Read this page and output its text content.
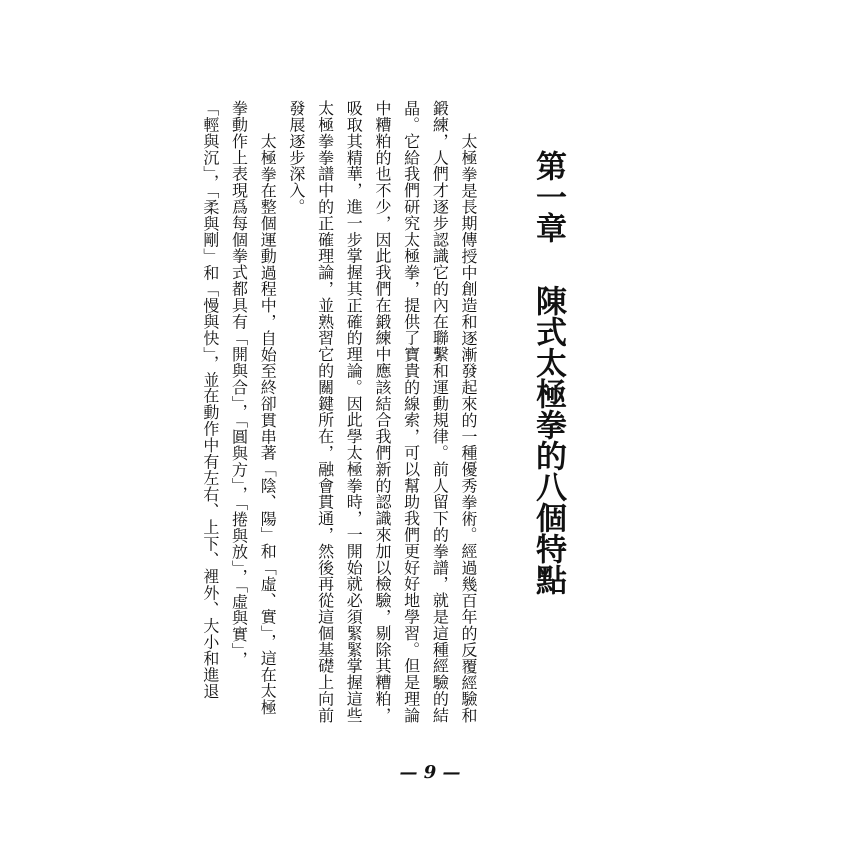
第一章陳式太極拳的八個特點
太極拳是長期傳授中創造和逐漸發起來的一種優秀拳術。經過幾百年的反覆經驗和
鍛練，人們才逐步認識它的內在聯繫和運動規律。前人留下的拳譜，就是這種經驗的結
晶。它給我們研究太極拳，提供了寶貴的線索，可以幫助我們更好好地學習。但是理論
中糟粕的也不少，因此我們在鍛練中應該結合我們新的認識來加以檢驗，剔除其糟粕，
吸取其精華，進一步掌握其正確的理論。因此學太極拳時，一開始就必須緊緊掌握這些
太極拳拳譜中的正確理論，並熟習它的關鍵所在，融會貫通，然後再從這個基礎上向前
發展逐步深入。
太極拳在整個運動過程中，自始至終卻貫串著「陰、陽」和「虛、實」，這在太極
拳動作上表現爲每個拳式都具有「開與合」，「圓與方」，「捲與放」，「虛與實」，
「輕與沉」，「柔與剛」和「慢與快」，並在動作中有左右、上下、裡外、大小和進退
— 9 —
